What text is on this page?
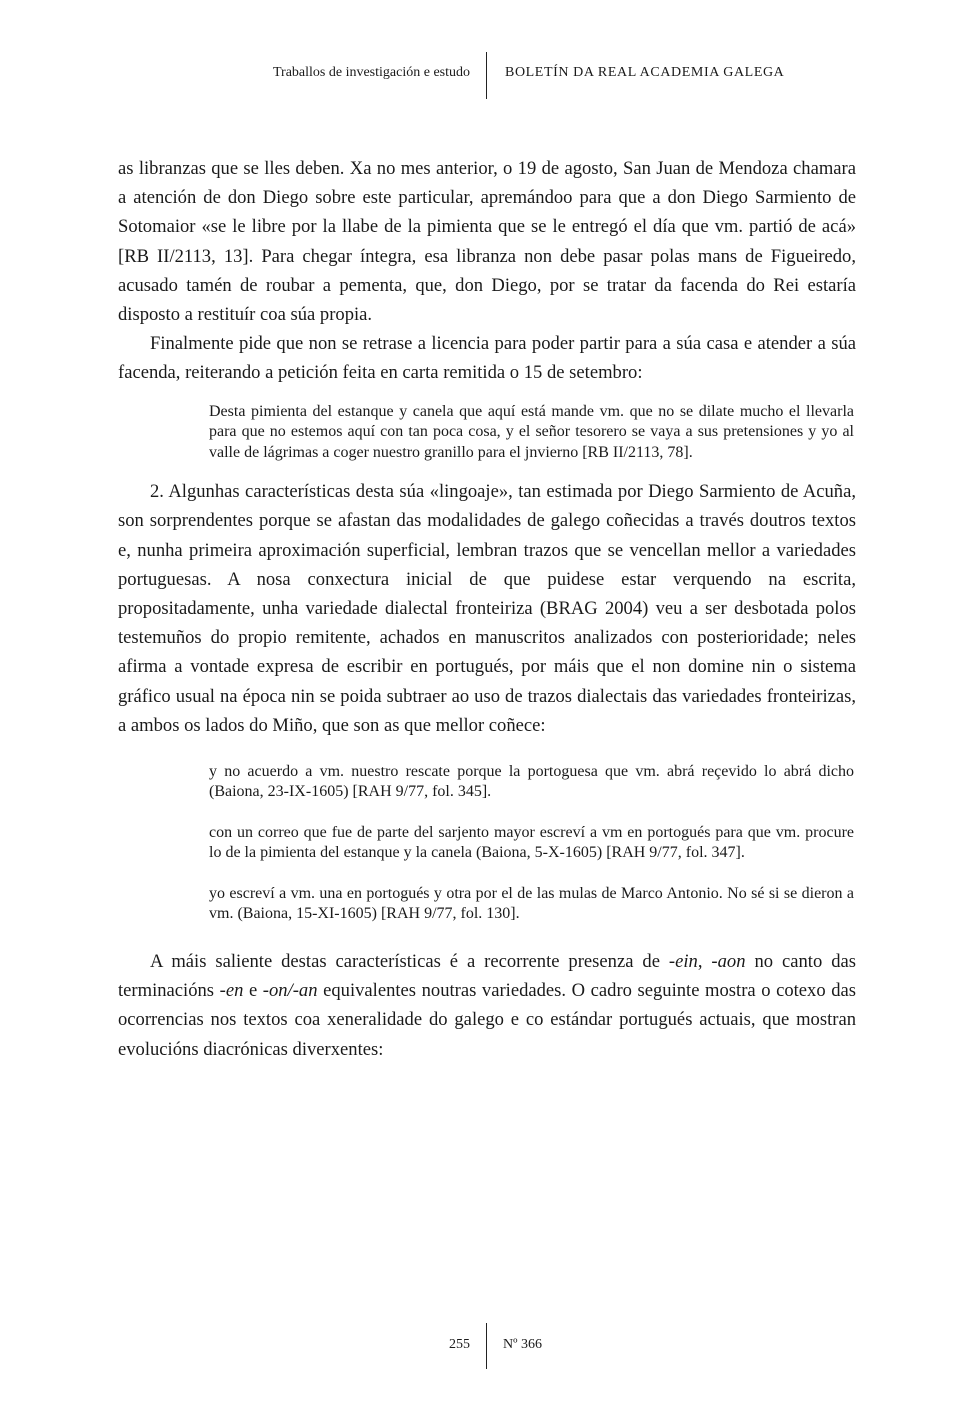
Traballos de investigación e estudo	BOLETÍN DA REAL ACADEMIA GALEGA

as libranzas que se lles deben. Xa no mes anterior, o 19 de agosto, San Juan de Mendoza chamara a atención de don Diego sobre este particular, apremándoo para que a don Diego Sarmiento de Sotomaior «se le libre por la llabe de la pimienta que se le entregó el día que vm. partió de acá» [RB II/2113, 13]. Para chegar íntegra, esa libranza non debe pasar polas mans de Figueiredo, acusado tamén de roubar a pementa, que, don Diego, por se tratar da facenda do Rei estaría disposto a restituír coa súa propia.

Finalmente pide que non se retrase a licencia para poder partir para a súa casa e atender a súa facenda, reiterando a petición feita en carta remitida o 15 de setembro:

Desta pimienta del estanque y canela que aquí está mande vm. que no se dilate mucho el llevarla para que no estemos aquí con tan poca cosa, y el señor tesorero se vaya a sus pretensiones y yo al valle de lágrimas a coger nuestro granillo para el jnvierno [RB II/2113, 78].

2. Algunhas características desta súa «lingoaje», tan estimada por Diego Sarmiento de Acuña, son sorprendentes porque se afastan das modalidades de galego coñecidas a través doutros textos e, nunha primeira aproximación superficial, lembran trazos que se vencellan mellor a variedades portuguesas. A nosa conxectura inicial de que puidese estar verquendo na escrita, propositadamente, unha variedade dialectal fronteiriza (BRAG 2004) veu a ser desbotada polos testemuños do propio remitente, achados en manuscritos analizados con posterioridade; neles afirma a vontade expresa de escribir en portugués, por máis que el non domine nin o sistema gráfico usual na época nin se poida subtraer ao uso de trazos dialectais das variedades fronteirizas, a ambos os lados do Miño, que son as que mellor coñece:

y no acuerdo a vm. nuestro rescate porque la portoguesa que vm. abrá reçevido lo abrá dicho (Baiona, 23-IX-1605) [RAH 9/77, fol. 345].

con un correo que fue de parte del sarjento mayor escreví a vm en portogués para que vm. procure lo de la pimienta del estanque y la canela (Baiona, 5-X-1605) [RAH 9/77, fol. 347].

yo escreví a vm. una en portogués y otra por el de las mulas de Marco Antonio. No sé si se dieron a vm. (Baiona, 15-XI-1605) [RAH 9/77, fol. 130].

A máis saliente destas características é a recorrente presenza de -ein, -aon no canto das terminacións -en e -on/-an equivalentes noutras variedades. O cadro seguinte mostra o cotexo das ocorrencias nos textos coa xeneralidade do galego e co estándar portugués actuais, que mostran evolucións diacrónicas diverxentes:

255 Nº 366
